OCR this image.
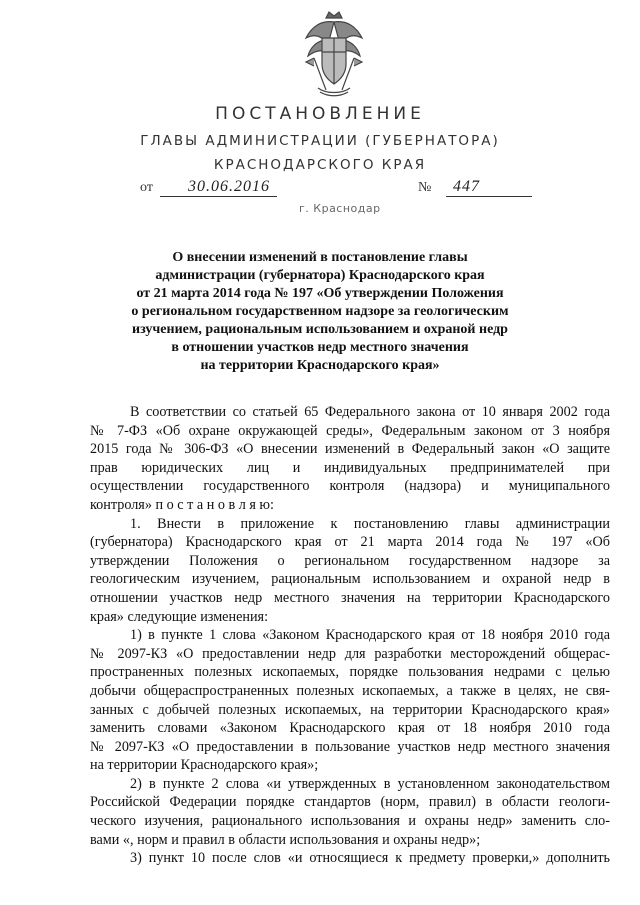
ПОСТАНОВЛЕНИЕ
ГЛАВЫ АДМИНИСТРАЦИИ (ГУБЕРНАТОРА)
КРАСНОДАРСКОГО КРАЯ
от 30.06.2016	№ 447
г. Краснодар
О внесении изменений в постановление главы
администрации (губернатора) Краснодарского края
от 21 марта 2014 года № 197 «Об утверждении Положения
о региональном государственном надзоре за геологическим
изучением, рациональным использованием и охраной недр
в отношении участков недр местного значения
на территории Краснодарского края»
В соответствии со статьей 65 Федерального закона от 10 января 2002 года
№ 7-ФЗ «Об охране окружающей среды», Федеральным законом от 3 ноября
2015 года № 306-ФЗ «О внесении изменений в Федеральный закон «О защите
прав юридических лиц и индивидуальных предпринимателей при
осуществлении государственного контроля (надзора) и муниципального
контроля» п о с т а н о в л я ю:
1. Внести в приложение к постановлению главы администрации
(губернатора) Краснодарского края от 21 марта 2014 года № 197 «Об
утверждении Положения о региональном государственном надзоре за
геологическим изучением, рациональным использованием и охраной недр в
отношении участков недр местного значения на территории Краснодарского
края» следующие изменения:
1) в пункте 1 слова «Законом Краснодарского края от 18 ноября 2010 года
№ 2097-КЗ «О предоставлении недр для разработки месторождений общерас-
пространенных полезных ископаемых, порядке пользования недрами с целью
добычи общераспространенных полезных ископаемых, а также в целях, не свя-
занных с добычей полезных ископаемых, на территории Краснодарского края»
заменить словами «Законом Краснодарского края от 18 ноября 2010 года
№ 2097-КЗ «О предоставлении в пользование участков недр местного значения
на территории Краснодарского края»;
2) в пункте 2 слова «и утвержденных в установленном законодательством
Российской Федерации порядке стандартов (норм, правил) в области геологи-
ческого изучения, рационального использования и охраны недр» заменить сло-
вами «, норм и правил в области использования и охраны недр»;
3) пункт 10 после слов «и относящиеся к предмету проверки,» дополнить
